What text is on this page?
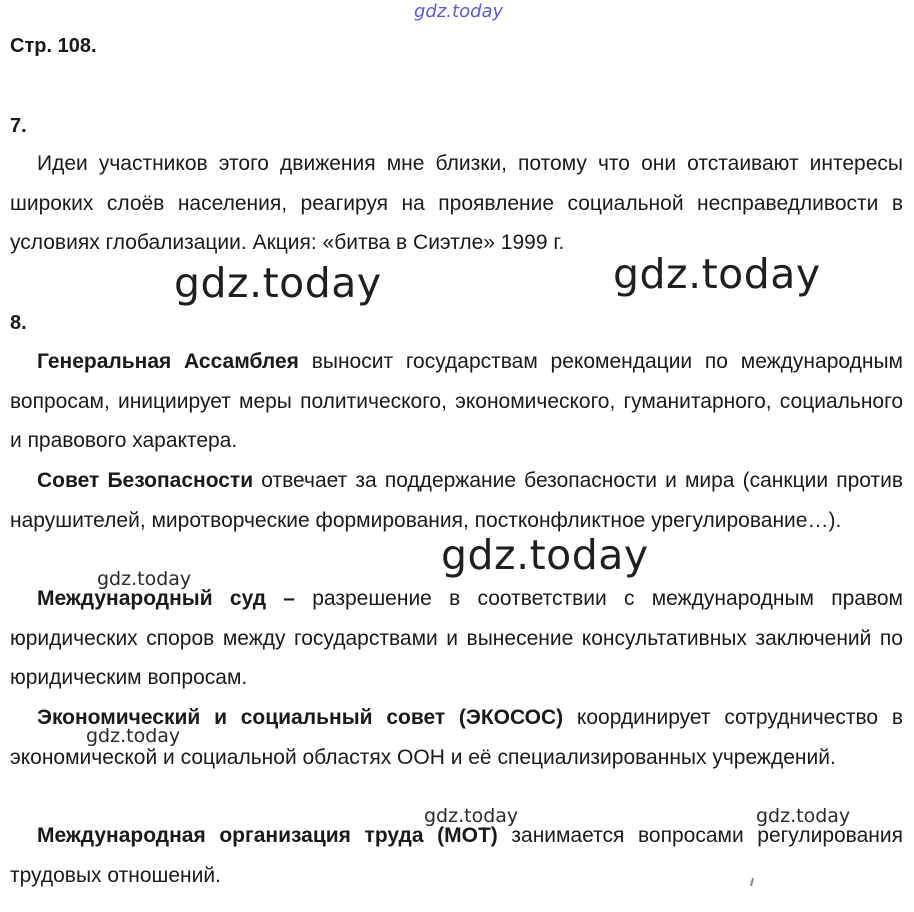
gdz.today
Стр. 108.
7.

Идеи участников этого движения мне близки, потому что они отстаивают интересы широких слоёв населения, реагируя на проявление социальной несправедливости в условиях глобализации. Акция: «битва в Сиэтле» 1999 г.

8.

Генеральная Ассамблея выносит государствам рекомендации по международным вопросам, инициирует меры политического, экономического, гуманитарного, социального и правового характера.

Совет Безопасности отвечает за поддержание безопасности и мира (санкции против нарушителей, миротворческие формирования, постконфликтное урегулирование…).

Международный суд – разрешение в соответствии с международным правом юридических споров между государствами и вынесение консультативных заключений по юридическим вопросам.

Экономический и социальный совет (ЭКОСОС) координирует сотрудничество в экономической и социальной областях ООН и её специализированных учреждений.

Международная организация труда (МОТ) занимается вопросами регулирования трудовых отношений.

gdz.today	gdz.today
gdz.today
gdz.today
gdz.today
gdz.today	gdz.today
